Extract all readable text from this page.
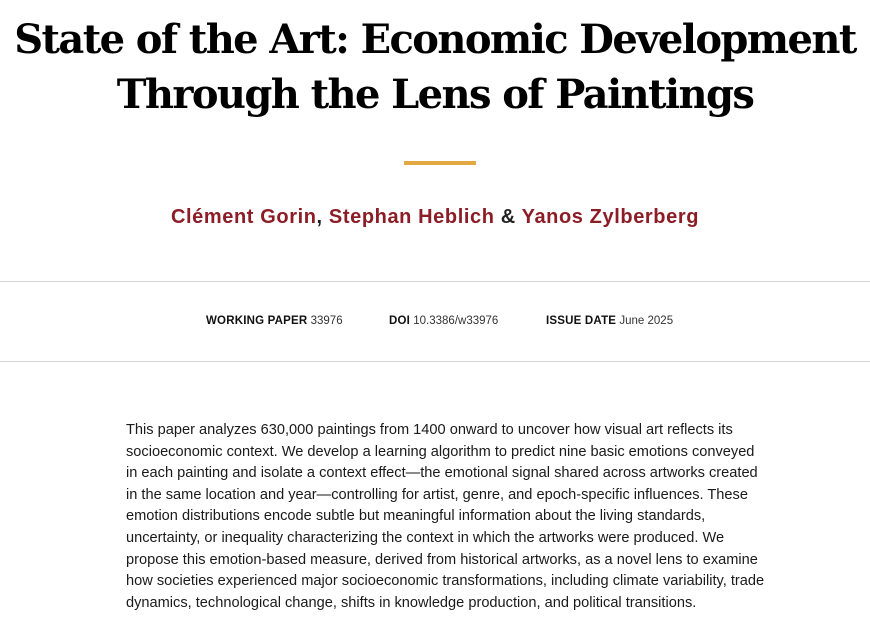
State of the Art: Economic Development
Through the Lens of Paintings
Clément Gorin, Stephan Heblich & Yanos Zylberberg
WORKING PAPER 33976	DOI 10.3386/w33976	ISSUE DATE June 2025

This paper analyzes 630,000 paintings from 1400 onward to uncover how visual art reflects its socioeconomic context. We develop a learning algorithm to predict nine basic emotions conveyed in each painting and isolate a context effect—the emotional signal shared across artworks created in the same location and year—controlling for artist, genre, and epoch-specific influences. These emotion distributions encode subtle but meaningful information about the living standards, uncertainty, or inequality characterizing the context in which the artworks were produced. We propose this emotion-based measure, derived from historical artworks, as a novel lens to examine how societies experienced major socioeconomic transformations, including climate variability, trade dynamics, technological change, shifts in knowledge production, and political transitions.
